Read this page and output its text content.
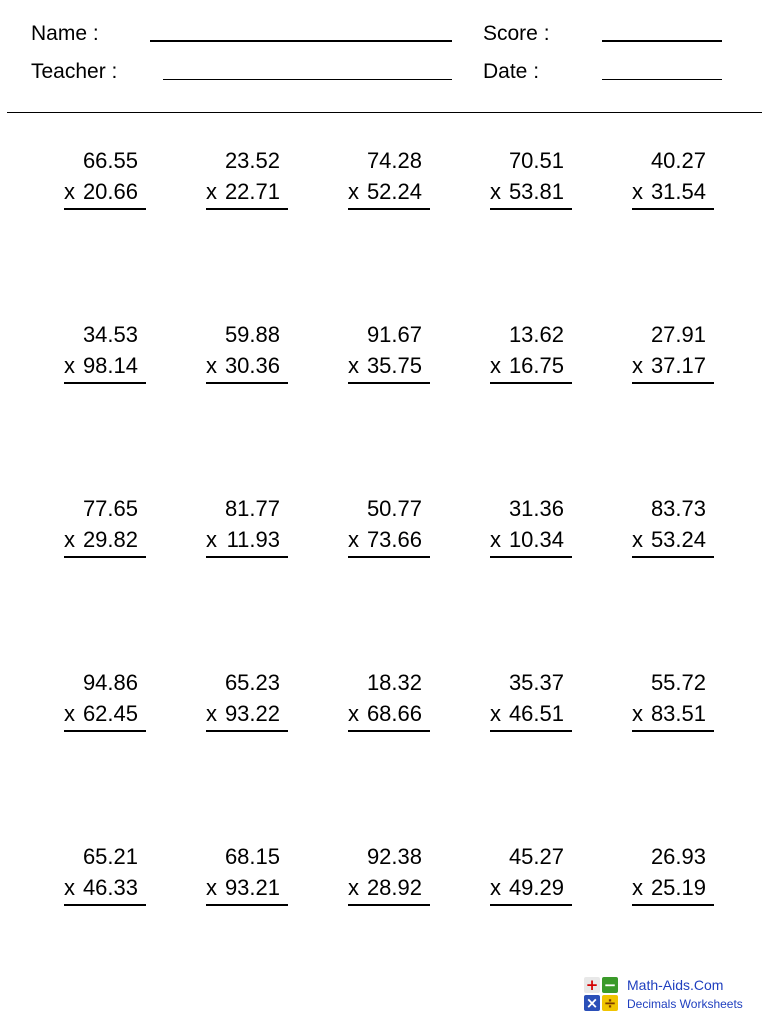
Name :
Teacher :
Score :
Date :
66.55
x 20.66
23.52
x 22.71
74.28
x 52.24
70.51
x 53.81
40.27
x 31.54
34.53
x 98.14
59.88
x 30.36
91.67
x 35.75
13.62
x 16.75
27.91
x 37.17
77.65
x 29.82
81.77
x 11.93
50.77
x 73.66
31.36
x 10.34
83.73
x 53.24
94.86
x 62.45
65.23
x 93.22
18.32
x 68.66
35.37
x 46.51
55.72
x 83.51
65.21
x 46.33
68.15
x 93.21
92.38
x 28.92
45.27
x 49.29
26.93
x 25.19
+ −
× ÷
Math-Aids.Com
Decimals Worksheets
